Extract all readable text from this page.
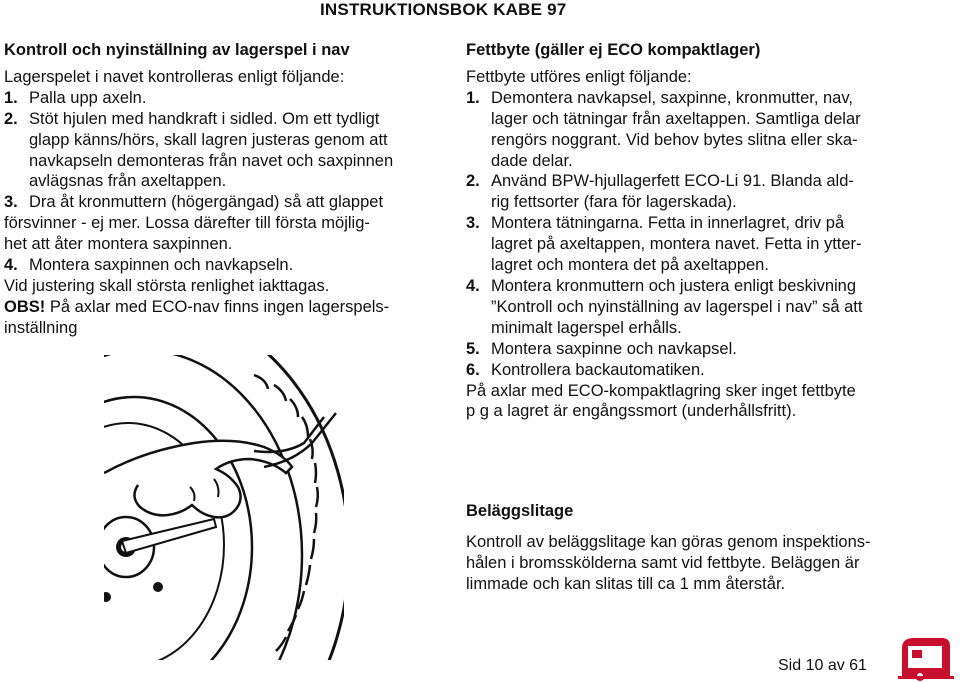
INSTRUKTIONSBOK KABE 97
Kontroll och nyinställning av lagerspel i nav

Lagerspelet i navet kontrolleras enligt följande:

1. Palla upp axeln.
2. Stöt hjulen med handkraft i sidled. Om ett tydligt
glapp känns/hörs, skall lagren justeras genom att
navkapseln demonteras från navet och saxpinnen
avlägsnas från axeltappen.
3. Dra åt kronmuttern (högergängad) så att glappet
försvinner - ej mer. Lossa därefter till första möjlig-
het att åter montera saxpinnen.
4. Montera saxpinnen och navkapseln.

Vid justering skall största renlighet iakttagas.

OBS! På axlar med ECO-nav finns ingen lagerspels-
inställning

Fettbyte (gäller ej ECO kompaktlager)

Fettbyte utföres enligt följande:

1. Demontera navkapsel, saxpinne, kronmutter, nav,
lager och tätningar från axeltappen. Samtliga delar
rengörs noggrant. Vid behov bytes slitna eller ska-
dade delar.
2. Använd BPW-hjullagerfett ECO-Li 91. Blanda ald-
rig fettsorter (fara för lagerskada).
3. Montera tätningarna. Fetta in innerlagret, driv på
lagret på axeltappen, montera navet. Fetta in ytter-
lagret och montera det på axeltappen.
4. Montera kronmuttern och justera enligt beskivning
”Kontroll och nyinställning av lagerspel i nav” så att
minimalt lagerspel erhålls.
5. Montera saxpinne och navkapsel.
6. Kontrollera backautomatiken.

På axlar med ECO-kompaktlagring sker inget fettbyte
p g a lagret är engångssmort (underhållsfritt).

Beläggslitage

Kontroll av beläggslitage kan göras genom inspektions-
hålen i bromsskölderna samt vid fettbyte. Beläggen är
limmade och kan slitas till ca 1 mm återstår.

Sid 10 av 61
